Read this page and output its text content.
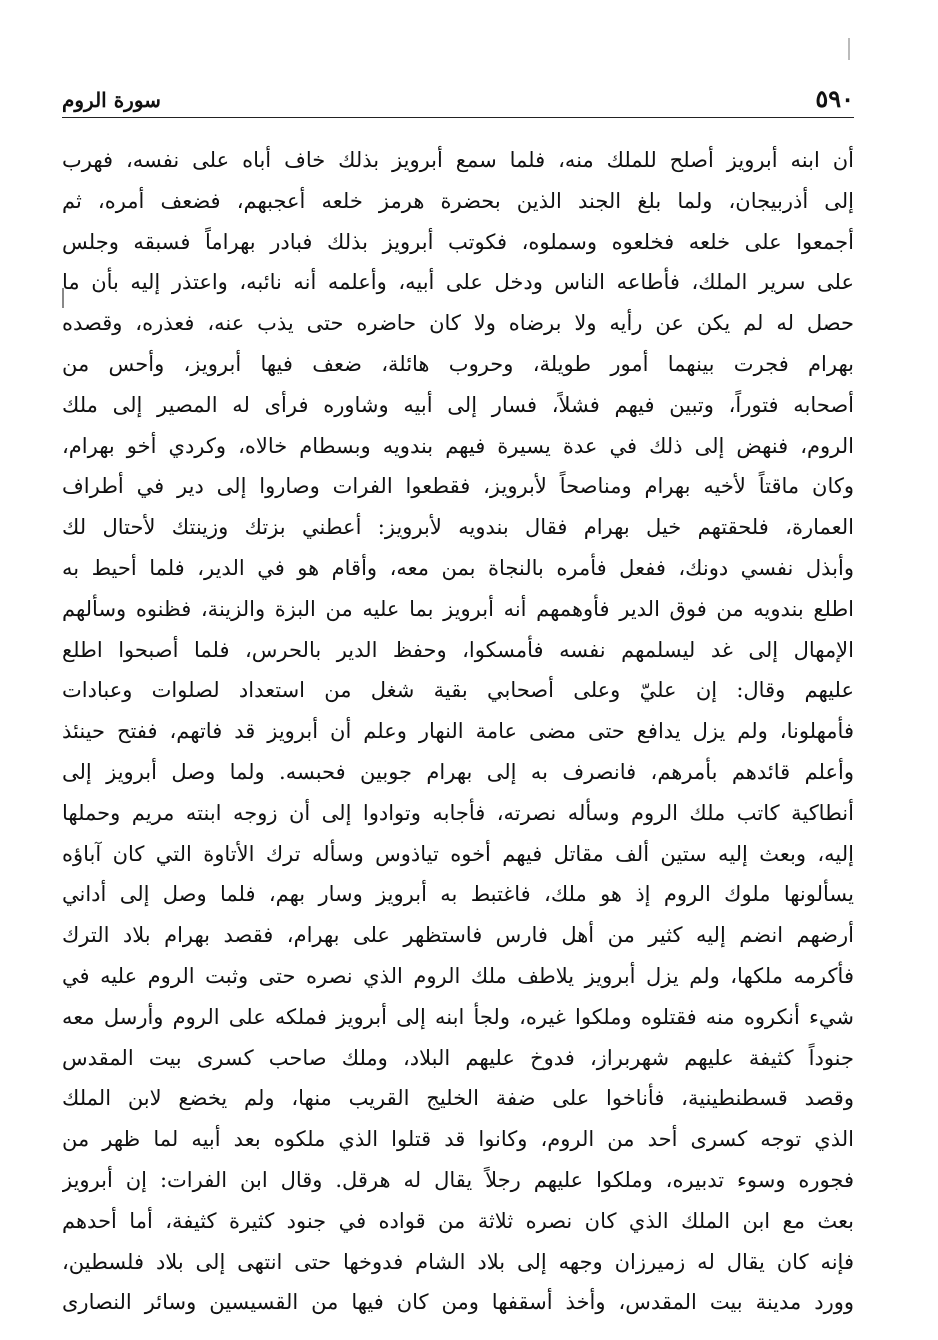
٥٩٠
سورة الروم
أن ابنه أبرويز أصلح للملك منه، فلما سمع أبرويز بذلك خاف أباه على نفسه، فهرب
إلى أذربيجان، ولما بلغ الجند الذين بحضرة هرمز خلعه أعجبهم، فضعف أمره، ثم
أجمعوا على خلعه فخلعوه وسملوه، فكوتب أبرويز بذلك فبادر بهراماً فسبقه وجلس
على سرير الملك، فأطاعه الناس ودخل على أبيه، وأعلمه أنه نائبه، واعتذر إليه بأن ما
حصل له لم يكن عن رأيه ولا برضاه ولا كان حاضره حتى يذب عنه، فعذره، وقصده
بهرام فجرت بينهما أمور طويلة، وحروب هائلة، ضعف فيها أبرويز، وأحس من
أصحابه فتوراً، وتبين فيهم فشلاً، فسار إلى أبيه وشاوره فرأى له المصير إلى ملك
الروم، فنهض إلى ذلك في عدة يسيرة فيهم بندويه وبسطام خالاه، وكردي أخو بهرام،
وكان ماقتاً لأخيه بهرام ومناصحاً لأبرويز، فقطعوا الفرات وصاروا إلى دير في أطراف
العمارة، فلحقتهم خيل بهرام فقال بندويه لأبرويز: أعطني بزتك وزينتك لأحتال لك
وأبذل نفسي دونك، ففعل فأمره بالنجاة بمن معه، وأقام هو في الدير، فلما أحيط به
اطلع بندويه من فوق الدير فأوهمهم أنه أبرويز بما عليه من البزة والزينة، فظنوه وسألهم
الإمهال إلى غد ليسلمهم نفسه فأمسكوا، وحفظ الدير بالحرس، فلما أصبحوا اطلع
عليهم وقال: إن عليّ وعلى أصحابي بقية شغل من استعداد لصلوات وعبادات
فأمهلونا، ولم يزل يدافع حتى مضى عامة النهار وعلم أن أبرويز قد فاتهم، ففتح حينئذ
وأعلم قائدهم بأمرهم، فانصرف به إلى بهرام جوبين فحبسه. ولما وصل أبرويز إلى
أنطاكية كاتب ملك الروم وسأله نصرته، فأجابه وتوادوا إلى أن زوجه ابنته مريم وحملها
إليه، وبعث إليه ستين ألف مقاتل فيهم أخوه تياذوس وسأله ترك الأتاوة التي كان آباؤه
يسألونها ملوك الروم إذ هو ملك، فاغتبط به أبرويز وسار بهم، فلما وصل إلى أداني
أرضهم انضم إليه كثير من أهل فارس فاستظهر على بهرام، فقصد بهرام بلاد الترك
فأكرمه ملكها، ولم يزل أبرويز يلاطف ملك الروم الذي نصره حتى وثبت الروم عليه في
شيء أنكروه منه فقتلوه وملكوا غيره، ولجأ ابنه إلى أبرويز فملكه على الروم وأرسل معه
جنوداً كثيفة عليهم شهربراز، فدوخ عليهم البلاد، وملك صاحب كسرى بيت المقدس
وقصد قسطنطينية، فأناخوا على ضفة الخليج القريب منها، ولم يخضع لابن الملك
الذي توجه كسرى أحد من الروم، وكانوا قد قتلوا الذي ملكوه بعد أبيه لما ظهر من
فجوره وسوء تدبيره، وملكوا عليهم رجلاً يقال له هرقل. وقال ابن الفرات: إن أبرويز
بعث مع ابن الملك الذي كان نصره ثلاثة من قواده في جنود كثيرة كثيفة، أما أحدهم
فإنه كان يقال له زميرزان وجهه إلى بلاد الشام فدوخها حتى انتهى إلى بلاد فلسطين،
وورد مدينة بيت المقدس، وأخذ أسقفها ومن كان فيها من القسيسين وسائر النصارى
